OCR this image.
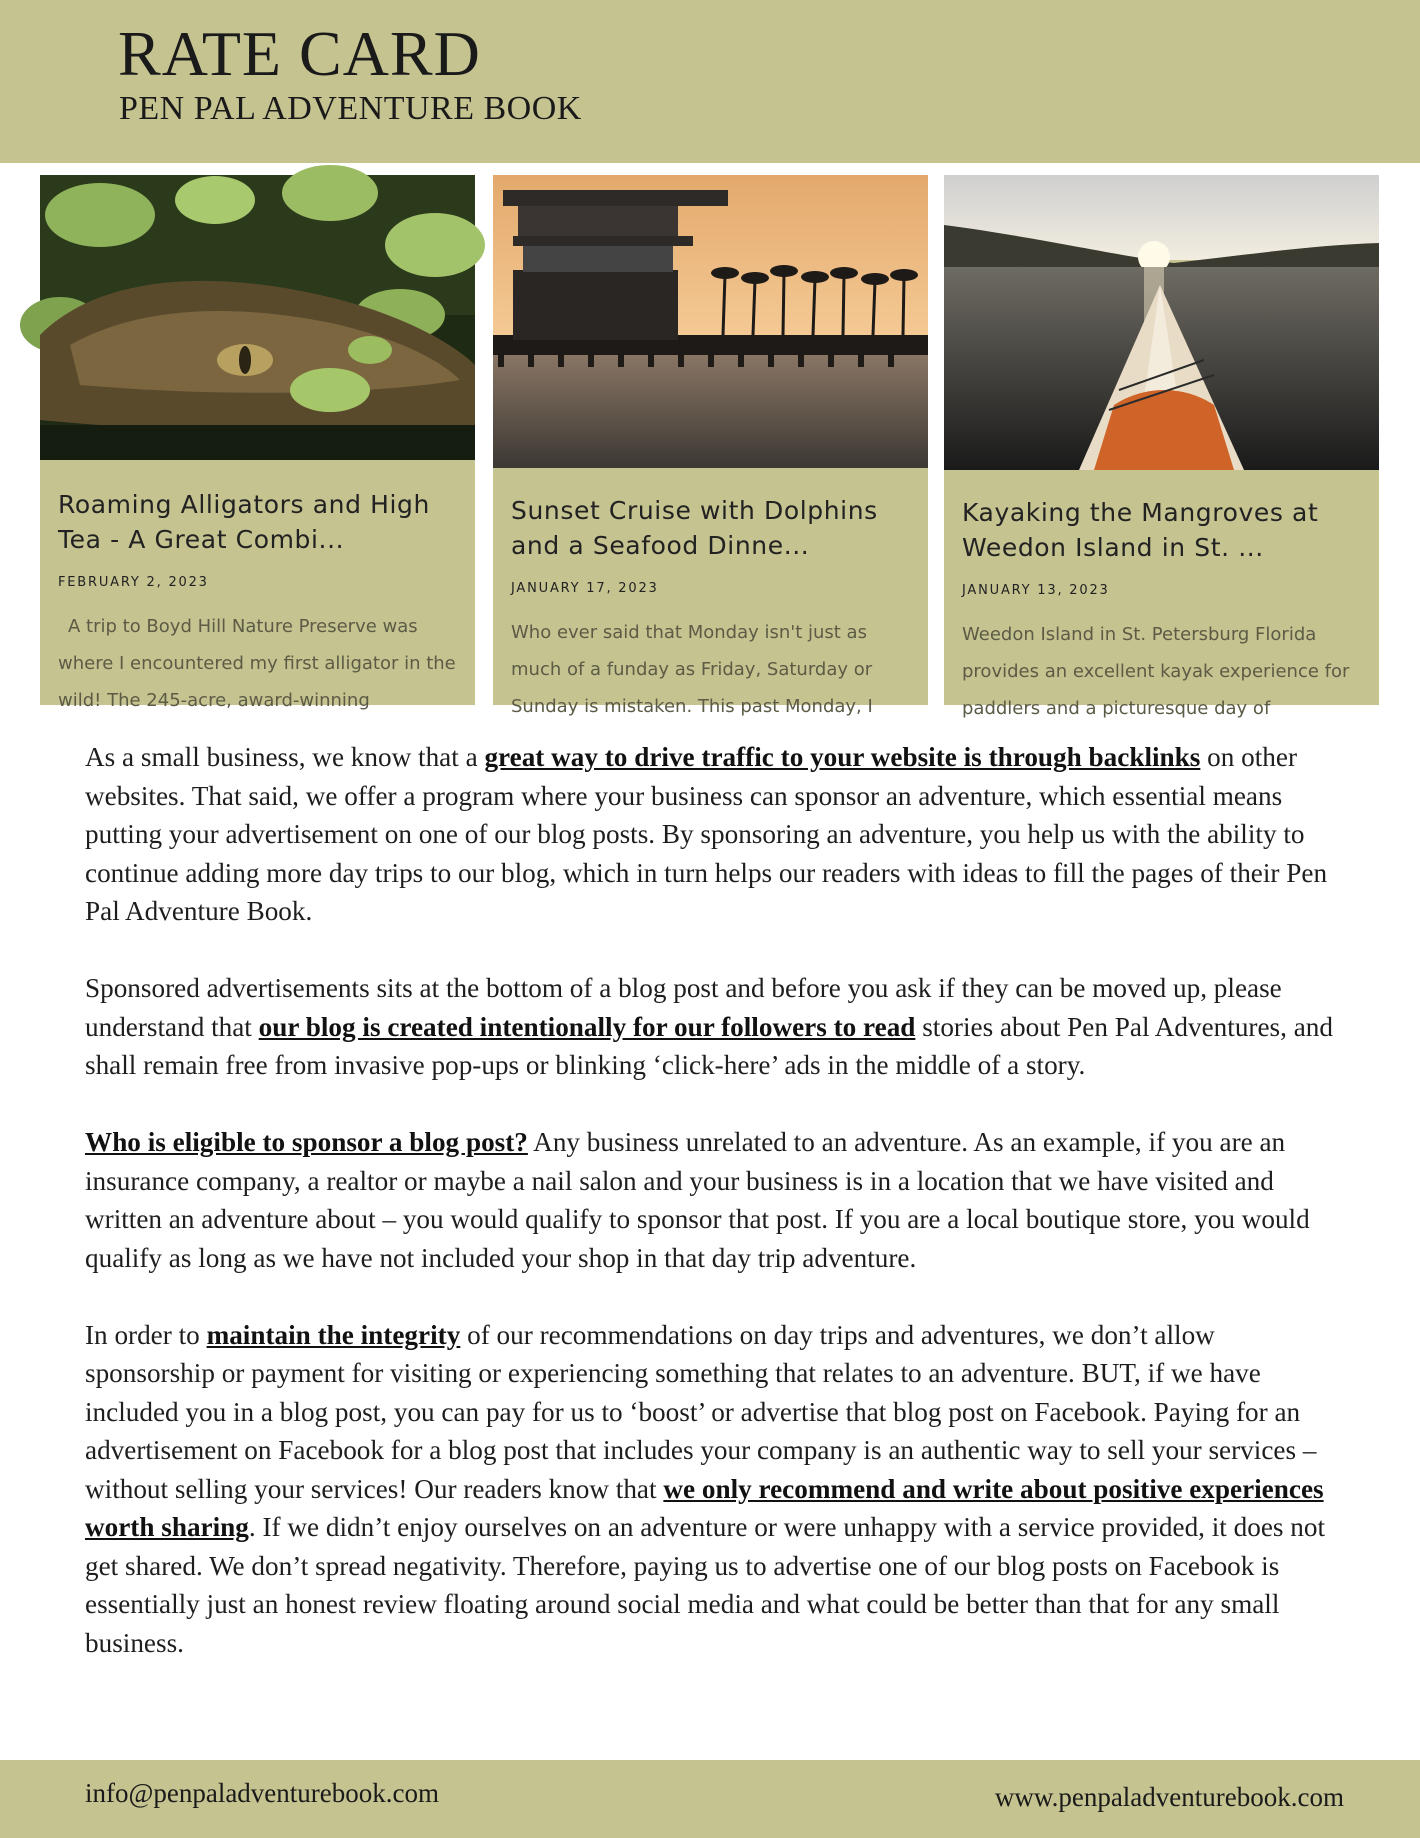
RATE CARD
PEN PAL ADVENTURE BOOK
Roaming Alligators and High Tea - A Great Combi...
FEBRUARY 2, 2023
A trip to Boyd Hill Nature Preserve was where I encountered my first alligator in the wild! The 245-acre, award-winning
Sunset Cruise with Dolphins and a Seafood Dinne...
JANUARY 17, 2023
Who ever said that Monday isn't just as much of a funday as Friday, Saturday or Sunday is mistaken. This past Monday, I
Kayaking the Mangroves at Weedon Island in St. ...
JANUARY 13, 2023
Weedon Island in St. Petersburg Florida provides an excellent kayak experience for paddlers and a picturesque day of

As a small business, we know that a great way to drive traffic to your website is through backlinks on other websites. That said, we offer a program where your business can sponsor an adventure, which essential means putting your advertisement on one of our blog posts. By sponsoring an adventure, you help us with the ability to continue adding more day trips to our blog, which in turn helps our readers with ideas to fill the pages of their Pen Pal Adventure Book.

Sponsored advertisements sits at the bottom of a blog post and before you ask if they can be moved up, please understand that our blog is created intentionally for our followers to read stories about Pen Pal Adventures, and shall remain free from invasive pop-ups or blinking ‘click-here’ ads in the middle of a story.

Who is eligible to sponsor a blog post? Any business unrelated to an adventure. As an example, if you are an insurance company, a realtor or maybe a nail salon and your business is in a location that we have visited and written an adventure about – you would qualify to sponsor that post. If you are a local boutique store, you would qualify as long as we have not included your shop in that day trip adventure.

In order to maintain the integrity of our recommendations on day trips and adventures, we don’t allow sponsorship or payment for visiting or experiencing something that relates to an adventure. BUT, if we have included you in a blog post, you can pay for us to ‘boost’ or advertise that blog post on Facebook. Paying for an advertisement on Facebook for a blog post that includes your company is an authentic way to sell your services – without selling your services! Our readers know that we only recommend and write about positive experiences worth sharing. If we didn’t enjoy ourselves on an adventure or were unhappy with a service provided, it does not get shared. We don’t spread negativity. Therefore, paying us to advertise one of our blog posts on Facebook is essentially just an honest review floating around social media and what could be better than that for any small business.

info@penpaladventurebook.com	www.penpaladventurebook.com
